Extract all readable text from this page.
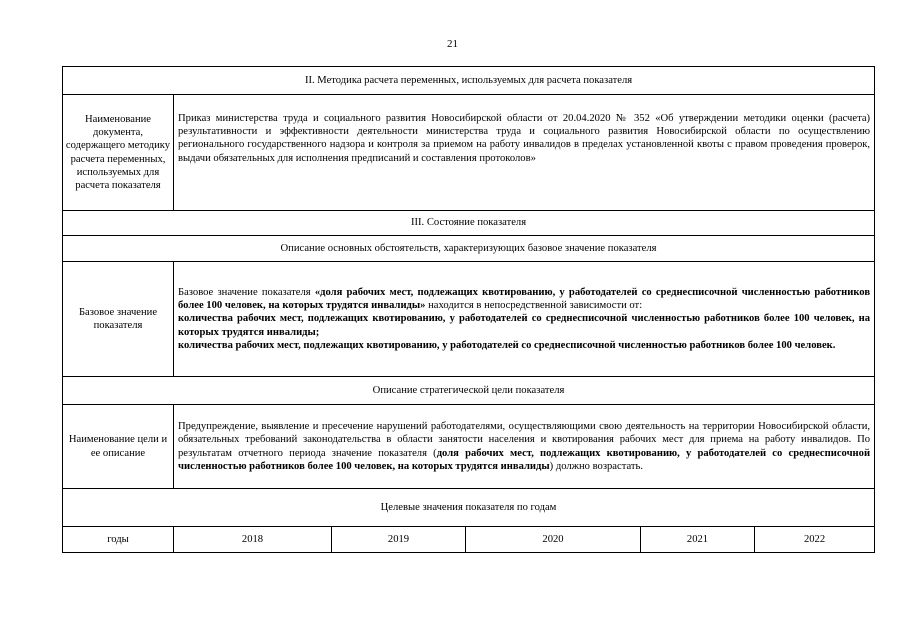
21
II. Методика расчета переменных, используемых для расчета показателя					
Наименование документа, содержащего методику расчета переменных, используемых для расчета показателя	Приказ министерства труда и социального развития Новосибирской области от 20.04.2020 № 352 «Об утверждении методики оценки (расчета) результативности и эффективности деятельности министерства труда и социального развития Новосибирской области по осуществлению регионального государственного надзора и контроля за приемом на работу инвалидов в пределах установленной квоты с правом проведения проверок, выдачи обязательных для исполнения предписаний и составления протоколов»				
III. Состояние показателя					
Описание основных обстоятельств, характеризующих базовое значение показателя					
Базовое значение показателя	Базовое значение показателя «доля рабочих мест, подлежащих квотированию, у работодателей со среднесписочной численностью работников более 100 человек, на которых трудятся инвалиды» находится в непосредственной зависимости от:
количества рабочих мест, подлежащих квотированию, у работодателей со среднесписочной численностью работников более 100 человек, на которых трудятся инвалиды;
количества рабочих мест, подлежащих квотированию, у работодателей со среднесписочной численностью работников более 100 человек.				

Описание стратегической цели показателя					
Наименование цели и ее описание	Предупреждение, выявление и пресечение нарушений работодателями, осуществляющими свою деятельность на территории Новосибирской области, обязательных требований законодательства в области занятости населения и квотирования рабочих мест для приема на работу инвалидов. По результатам отчетного периода значение показателя (доля рабочих мест, подлежащих квотированию, у работодателей со среднесписочной численностью работников более 100 человек, на которых трудятся инвалиды) должно возрастать.				
Целевые значения показателя по годам					
годы	2018	2019	2020	2021	2022
